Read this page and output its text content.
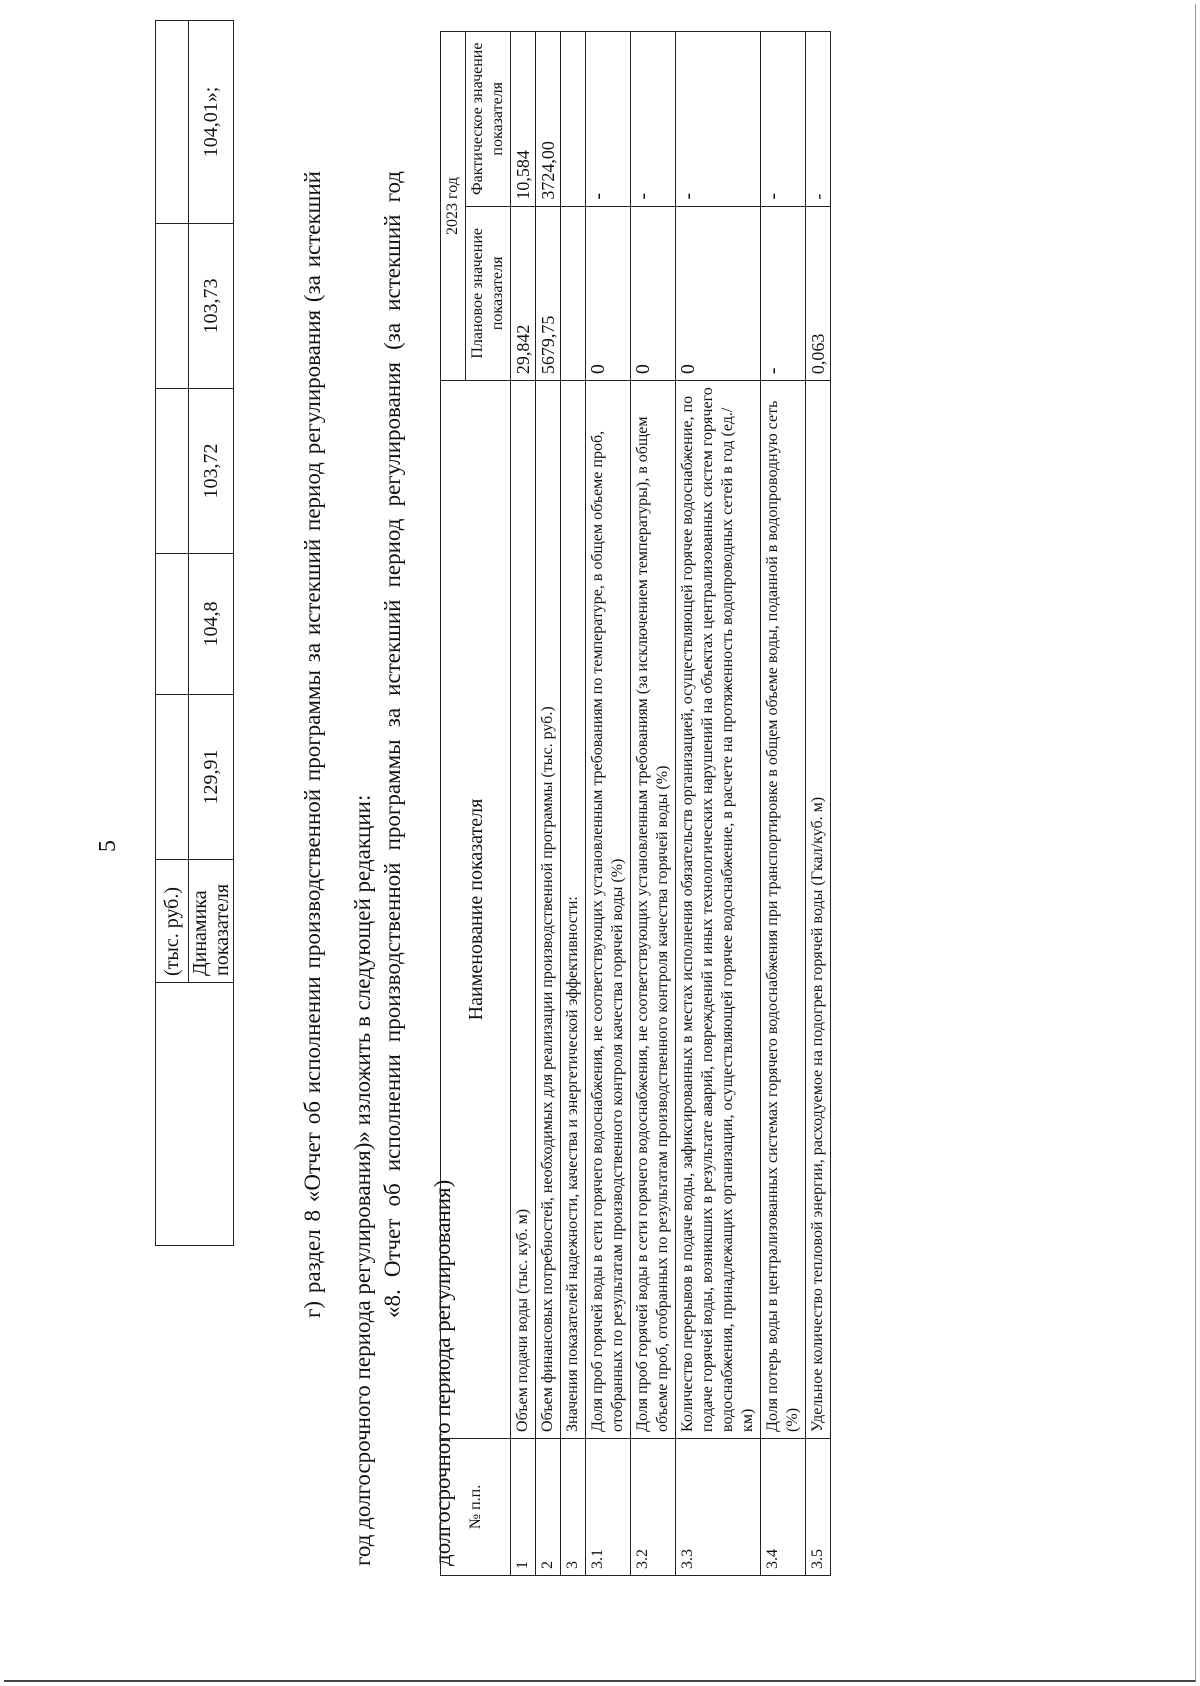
5
	(тыс. руб.)					
	Динамика показателя	129,91	104,8	103,72	103,73	104,01»;

г) раздел 8 «Отчет об исполнении производственной программы за истекший период регулирования (за истекший год долгосрочного периода регулирования)» изложить в следующей редакции: «8. Отчет об исполнении производственной программы за истекший период регулирования (за истекший год долгосрочного периода регулирования) № п.п.	Наименование показателя	2023 год	
		Плановое значение показателя	Фактическое значение показателя
1	Объем подачи воды (тыс. куб. м)	29,842	10,584
2	Объем финансовых потребностей, необходимых для реализации производственной программы (тыс. руб.)	5679,75	3724,00
3	Значения показателей надежности, качества и энергетической эффективности:		
3.1	Доля проб горячей воды в сети горячего водоснабжения, не соответствующих установленным требованиям по температуре, в общем объеме проб, отобранных по результатам производственного контроля качества горячей воды (%)	0	-
3.2	Доля проб горячей воды в сети горячего водоснабжения, не соответствующих установленным требованиям (за исключением температуры), в общем объеме проб, отобранных по результатам производственного контроля качества горячей воды (%)	0	-
3.3	Количество перерывов в подаче воды, зафиксированных в местах исполнения обязательств организацией, осуществляющей горячее водоснабжение, по подаче горячей воды, возникших в результате аварий, повреждений и иных технологических нарушений на объектах централизованных систем горячего водоснабжения, принадлежащих организации, осуществляющей горячее водоснабжение, в расчете на протяженность водопроводных сетей в год (ед./км)	0	-
3.4	Доля потерь воды в централизованных системах горячего водоснабжения при транспортировке в общем объеме воды, поданной в водопроводную сеть (%)	-	-
3.5	Удельное количество тепловой энергии, расходуемое на подогрев горячей воды (Гкал/куб. м)	0,063	-
